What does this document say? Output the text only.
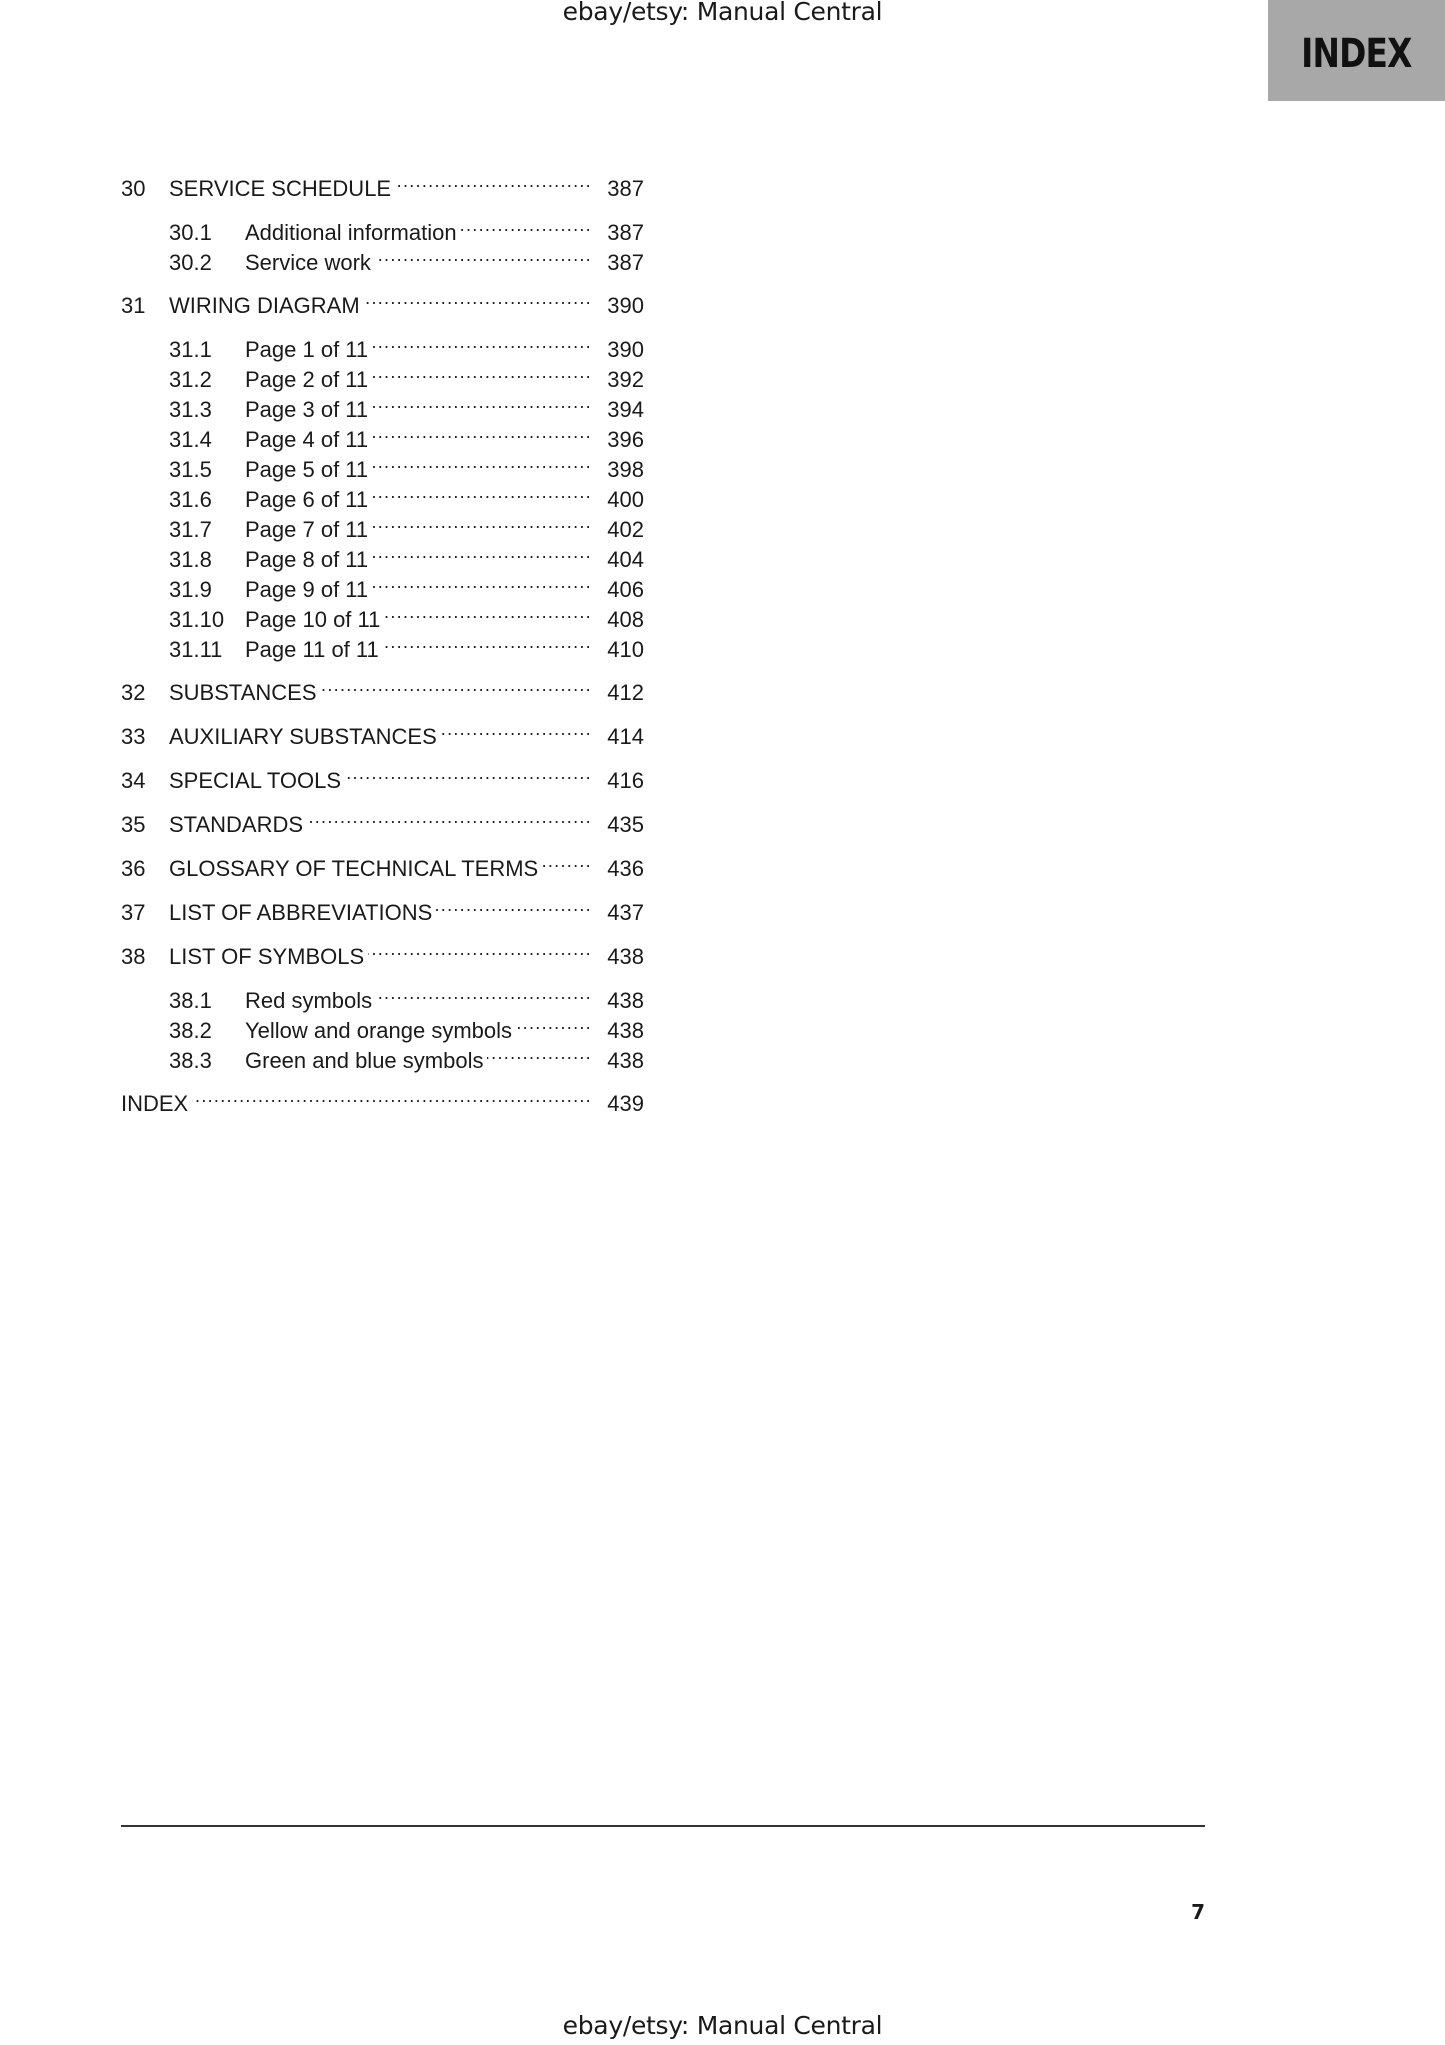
ebay/etsy: Manual Central
INDEX
30	SERVICE SCHEDULE .....	387
30.1	Additional information .....	387
30.2	Service work .....	387
31	WIRING DIAGRAM .....	390
31.1	Page 1 of 11 .....	390
31.2	Page 2 of 11 .....	392
31.3	Page 3 of 11 .....	394
31.4	Page 4 of 11 .....	396
31.5	Page 5 of 11 .....	398
31.6	Page 6 of 11 .....	400
31.7	Page 7 of 11 .....	402
31.8	Page 8 of 11 .....	404
31.9	Page 9 of 11 .....	406
31.10 Page 10 of 11 .....	408
31.11	Page 11 of 11 .....	410
32	SUBSTANCES .....	412
33	AUXILIARY SUBSTANCES .....	414
34	SPECIAL TOOLS .....	416
35	STANDARDS .....	435
36	GLOSSARY OF TECHNICAL TERMS .....	436
37	LIST OF ABBREVIATIONS .....	437
38	LIST OF SYMBOLS .....	438
38.1	Red symbols .....	438
38.2	Yellow and orange symbols .....	438
38.3	Green and blue symbols .....	438
INDEX .....	439
7
ebay/etsy: Manual Central
